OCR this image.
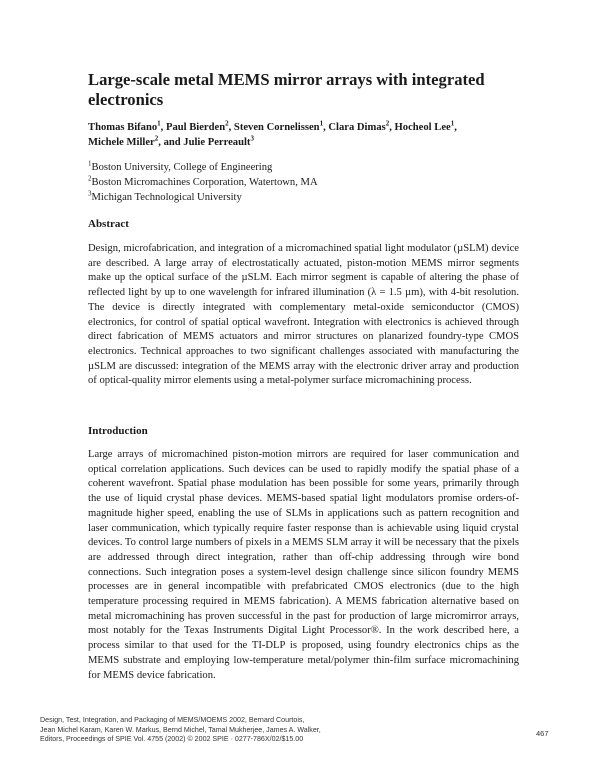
Large-scale metal MEMS mirror arrays with integrated electronics

Thomas Bifano$^1$, Paul Bierden$^2$, Steven Cornelissen$^1$, Clara Dimas$^2$, Hocheol Lee$^1$,
Michele Miller$^2$, and Julie Perreault$^3$

$^1$Boston University, College of Engineering
$^2$Boston Micromachines Corporation, Watertown, MA
$^3$Michigan Technological University
Abstract

Design, microfabrication, and integration of a micromachined spatial light modulator (µSLM) device are described. A large array of electrostatically actuated, piston-motion MEMS mirror segments make up the optical surface of the µSLM. Each mirror segment is capable of altering the phase of reflected light by up to one wavelength for infrared illumination (λ = 1.5 µm), with 4-bit resolution. The device is directly integrated with complementary metal-oxide semiconductor (CMOS) electronics, for control of spatial optical wavefront. Integration with electronics is achieved through direct fabrication of MEMS actuators and mirror structures on planarized foundry-type CMOS electronics. Technical approaches to two significant challenges associated with manufacturing the µSLM are discussed: integration of the MEMS array with the electronic driver array and production of optical-quality mirror elements using a metal-polymer surface micromachining process.

Introduction

Large arrays of micromachined piston-motion mirrors are required for laser communication and optical correlation applications. Such devices can be used to rapidly modify the spatial phase of a coherent wavefront. Spatial phase modulation has been possible for some years, primarily through the use of liquid crystal phase devices. MEMS-based spatial light modulators promise orders-of-magnitude higher speed, enabling the use of SLMs in applications such as pattern recognition and laser communication, which typically require faster response than is achievable using liquid crystal devices. To control large numbers of pixels in a MEMS SLM array it will be necessary that the pixels are addressed through direct integration, rather than off-chip addressing through wire bond connections. Such integration poses a system-level design challenge since silicon foundry MEMS processes are in general incompatible with prefabricated CMOS electronics (due to the high temperature processing required in MEMS fabrication). A MEMS fabrication alternative based on metal micromachining has proven successful in the past for production of large micromirror arrays, most notably for the Texas Instruments Digital Light Processor®. In the work described here, a process similar to that used for the TI-DLP is proposed, using foundry electronics chips as the MEMS substrate and employing low-temperature metal/polymer thin-film surface micromachining for MEMS device fabrication.

Design, Test, Integration, and Packaging of MEMS/MOEMS 2002, Bernard Courtois,
Jean Michel Karam, Karen W. Markus, Bernd Michel, Tamal Mukherjee, James A. Walker,
Editors, Proceedings of SPIE Vol. 4755 (2002) © 2002 SPIE · 0277-786X/02/$15.00
467
